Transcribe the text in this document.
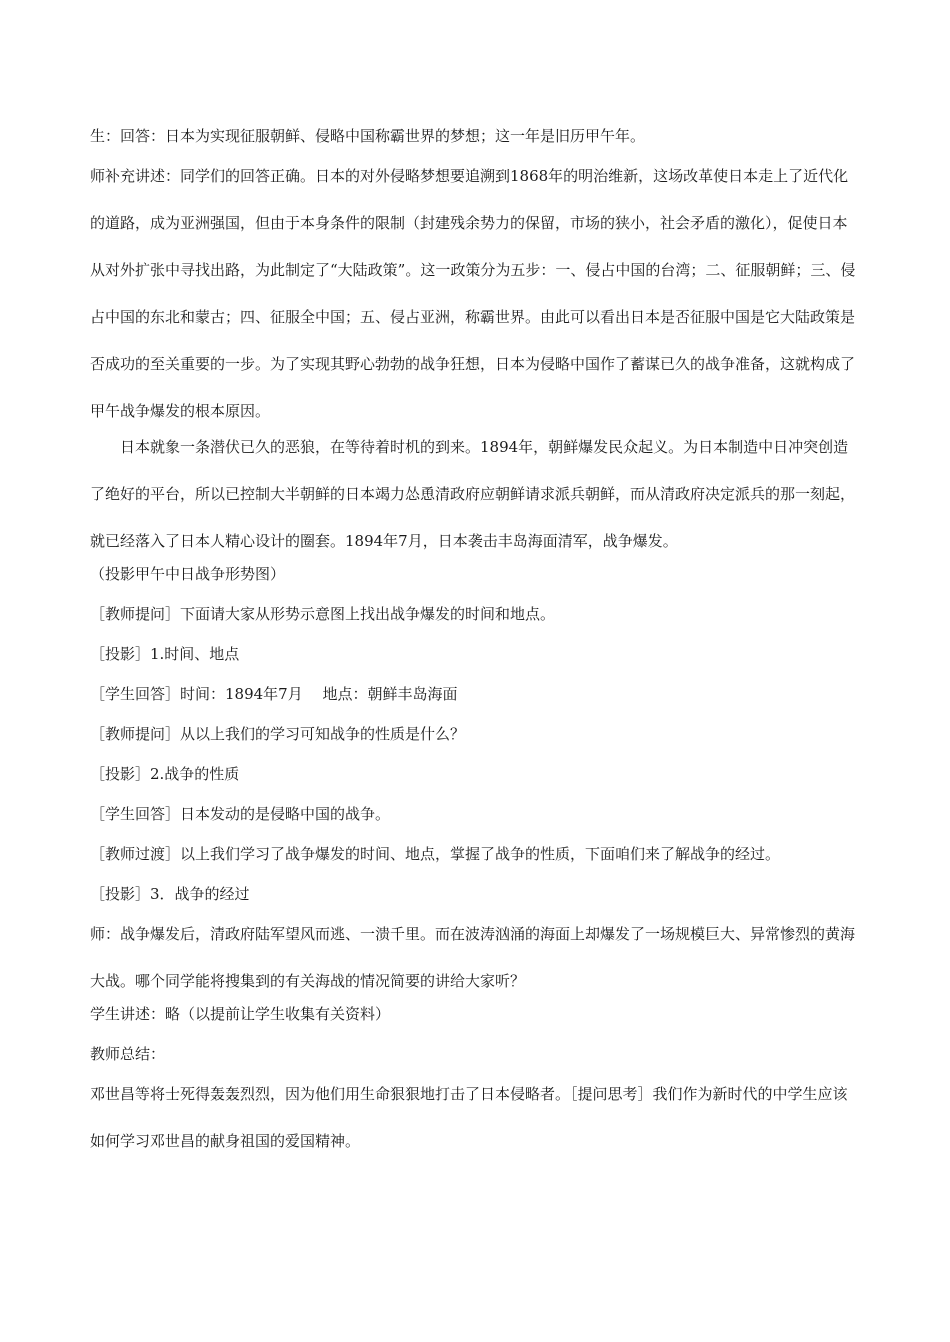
生：回答：日本为实现征服朝鲜、侵略中国称霸世界的梦想；这一年是旧历甲午年。

师补充讲述：同学们的回答正确。日本的对外侵略梦想要追溯到1868年的明治维新，这场改革使日本走上了近代化的道路，成为亚洲强国，但由于本身条件的限制（封建残余势力的保留，市场的狭小，社会矛盾的激化），促使日本从对外扩张中寻找出路，为此制定了“大陆政策”。这一政策分为五步：一、侵占中国的台湾；二、征服朝鲜；三、侵占中国的东北和蒙古；四、征服全中国；五、侵占亚洲，称霸世界。由此可以看出日本是否征服中国是它大陆政策是否成功的至关重要的一步。为了实现其野心勃勃的战争狂想，日本为侵略中国作了蓄谋已久的战争准备，这就构成了甲午战争爆发的根本原因。

日本就象一条潜伏已久的恶狼，在等待着时机的到来。1894年，朝鲜爆发民众起义。为日本制造中日冲突创造了绝好的平台，所以已控制大半朝鲜的日本竭力怂恿清政府应朝鲜请求派兵朝鲜，而从清政府决定派兵的那一刻起，就已经落入了日本人精心设计的圈套。1894年7月，日本袭击丰岛海面清军，战争爆发。

（投影甲午中日战争形势图）

［教师提问］下面请大家从形势示意图上找出战争爆发的时间和地点。

［投影］1.时间、地点

［学生回答］时间：1894年7月　 地点：朝鲜丰岛海面

［教师提问］从以上我们的学习可知战争的性质是什么？

［投影］2.战争的性质

［学生回答］日本发动的是侵略中国的战争。

［教师过渡］以上我们学习了战争爆发的时间、地点，掌握了战争的性质，下面咱们来了解战争的经过。

［投影］3．战争的经过

师：战争爆发后，清政府陆军望风而逃、一溃千里。而在波涛汹涌的海面上却爆发了一场规模巨大、异常惨烈的黄海大战。哪个同学能将搜集到的有关海战的情况简要的讲给大家听？

学生讲述：略（以提前让学生收集有关资料）

教师总结：

邓世昌等将士死得轰轰烈烈，因为他们用生命狠狠地打击了日本侵略者。［提问思考］我们作为新时代的中学生应该如何学习邓世昌的献身祖国的爱国精神。
